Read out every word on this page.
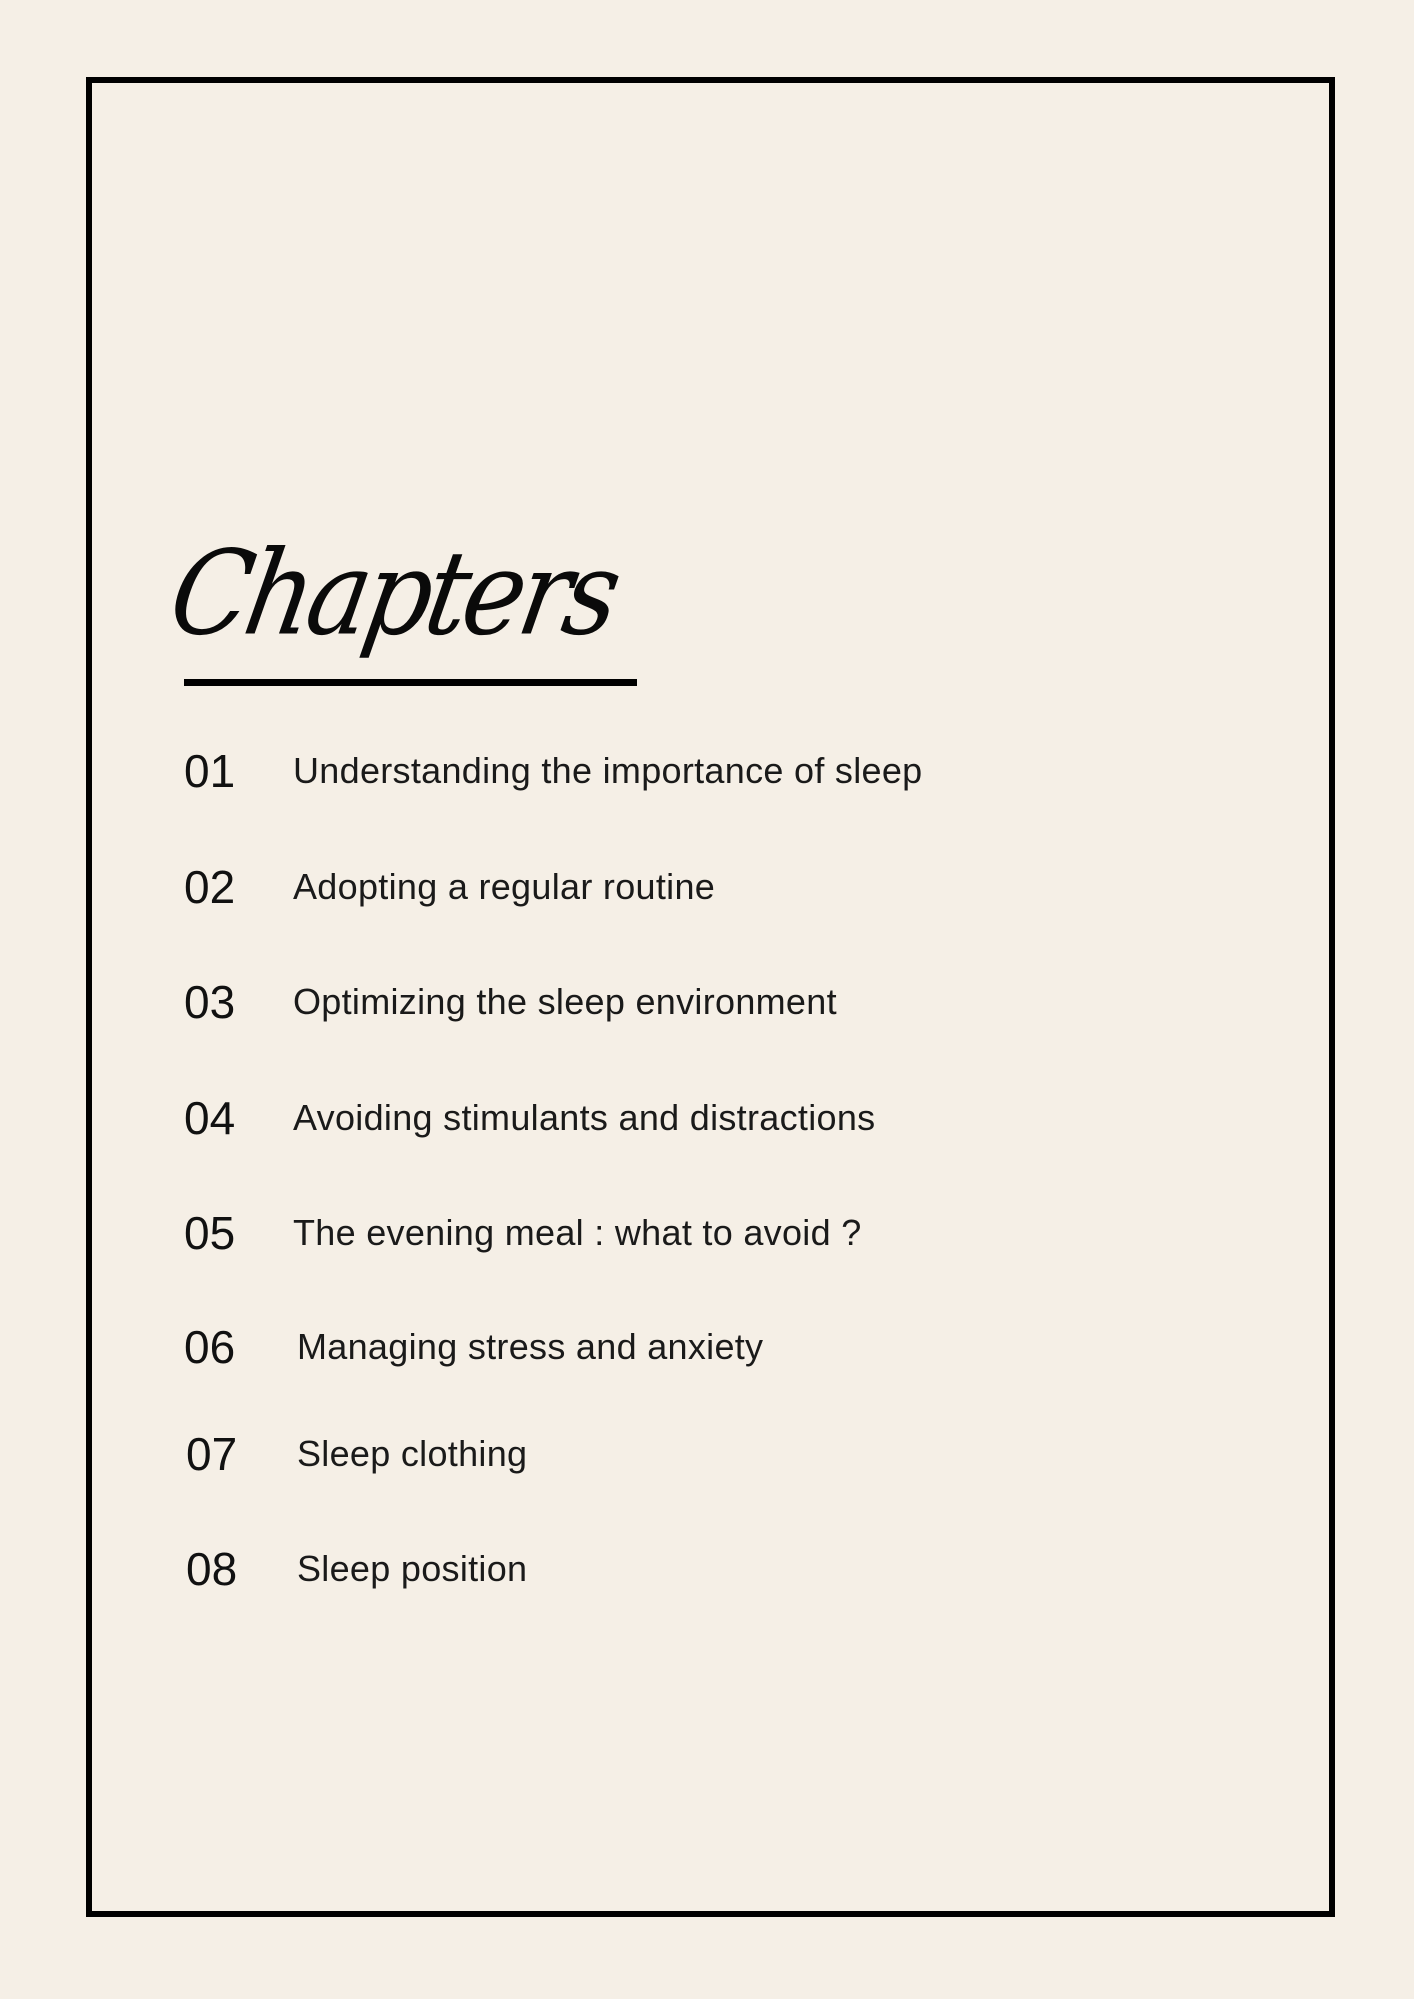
Chapters
01 Understanding the importance of sleep
02 Adopting a regular routine
03 Optimizing the sleep environment
04 Avoiding stimulants and distractions
05 The evening meal : what to avoid ?
06 Managing stress and anxiety
07 Sleep clothing
08 Sleep position
